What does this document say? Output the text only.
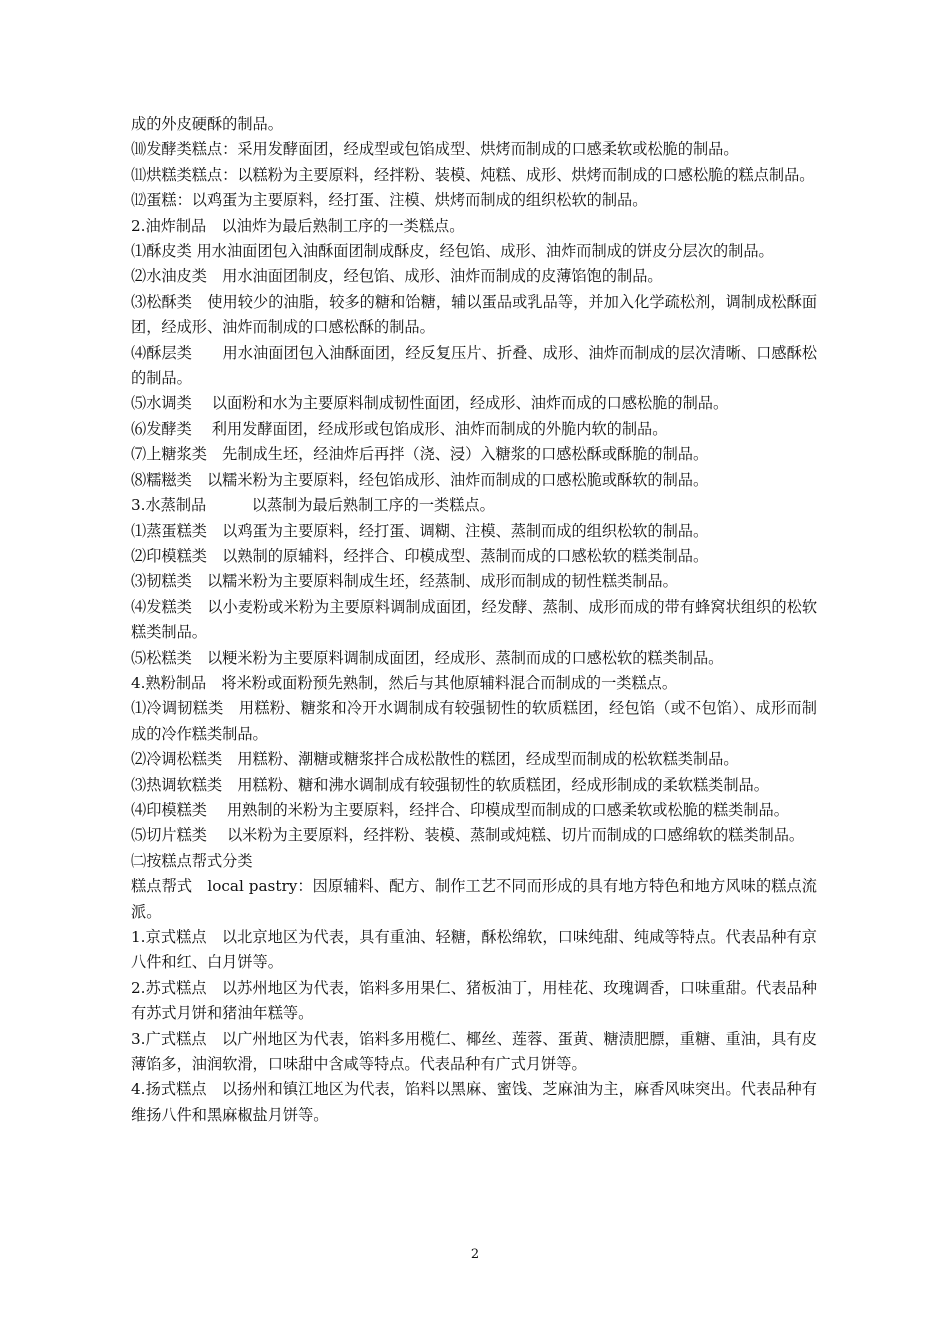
成的外皮硬酥的制品。

⑽发酵类糕点：采用发酵面团，经成型或包馅成型、烘烤而制成的口感柔软或松脆的制品。

⑾烘糕类糕点：以糕粉为主要原料，经拌粉、装模、炖糕、成形、烘烤而制成的口感松脆的糕点制品。

⑿蛋糕：以鸡蛋为主要原料，经打蛋、注模、烘烤而制成的组织松软的制品。

2.油炸制品　以油炸为最后熟制工序的一类糕点。

⑴酥皮类 用水油面团包入油酥面团制成酥皮，经包馅、成形、油炸而制成的饼皮分层次的制品。

⑵水油皮类　用水油面团制皮，经包馅、成形、油炸而制成的皮薄馅饱的制品。

⑶松酥类　使用较少的油脂，较多的糖和饴糖，辅以蛋品或乳品等，并加入化学疏松剂，调制成松酥面团，经成形、油炸而制成的口感松酥的制品。

⑷酥层类　　用水油面团包入油酥面团，经反复压片、折叠、成形、油炸而制成的层次清晰、口感酥松的制品。

⑸水调类　 以面粉和水为主要原料制成韧性面团，经成形、油炸而成的口感松脆的制品。

⑹发酵类　 利用发酵面团，经成形或包馅成形、油炸而制成的外脆内软的制品。

⑺上糖浆类　先制成生坯，经油炸后再拌（浇、浸）入糖浆的口感松酥或酥脆的制品。

⑻糯糍类　以糯米粉为主要原料，经包馅成形、油炸而制成的口感松脆或酥软的制品。

3.水蒸制品　　　以蒸制为最后熟制工序的一类糕点。

⑴蒸蛋糕类　以鸡蛋为主要原料，经打蛋、调糊、注模、蒸制而成的组织松软的制品。

⑵印模糕类　以熟制的原辅料，经拌合、印模成型、蒸制而成的口感松软的糕类制品。

⑶韧糕类　以糯米粉为主要原料制成生坯，经蒸制、成形而制成的韧性糕类制品。

⑷发糕类　以小麦粉或米粉为主要原料调制成面团，经发酵、蒸制、成形而成的带有蜂窝状组织的松软糕类制品。

⑸松糕类　以粳米粉为主要原料调制成面团，经成形、蒸制而成的口感松软的糕类制品。

4.熟粉制品　将米粉或面粉预先熟制，然后与其他原辅料混合而制成的一类糕点。

⑴冷调韧糕类　用糕粉、糖浆和冷开水调制成有较强韧性的软质糕团，经包馅（或不包馅）、成形而制成的冷作糕类制品。

⑵冷调松糕类　用糕粉、潮糖或糖浆拌合成松散性的糕团，经成型而制成的松软糕类制品。

⑶热调软糕类　用糕粉、糖和沸水调制成有较强韧性的软质糕团，经成形制成的柔软糕类制品。

⑷印模糕类　 用熟制的米粉为主要原料，经拌合、印模成型而制成的口感柔软或松脆的糕类制品。

⑸切片糕类　 以米粉为主要原料，经拌粉、装模、蒸制或炖糕、切片而制成的口感绵软的糕类制品。

㈡按糕点帮式分类

糕点帮式　local pastry：因原辅料、配方、制作工艺不同而形成的具有地方特色和地方风味的糕点流派。

1.京式糕点　以北京地区为代表，具有重油、轻糖，酥松绵软，口味纯甜、纯咸等特点。代表品种有京八件和红、白月饼等。

2.苏式糕点　以苏州地区为代表，馅料多用果仁、猪板油丁，用桂花、玫瑰调香，口味重甜。代表品种有苏式月饼和猪油年糕等。

3.广式糕点　以广州地区为代表，馅料多用榄仁、椰丝、莲蓉、蛋黄、糖渍肥膘，重糖、重油，具有皮薄馅多，油润软滑，口味甜中含咸等特点。代表品种有广式月饼等。

4.扬式糕点　以扬州和镇江地区为代表，馅料以黑麻、蜜饯、芝麻油为主，麻香风味突出。代表品种有维扬八件和黑麻椒盐月饼等。

2
